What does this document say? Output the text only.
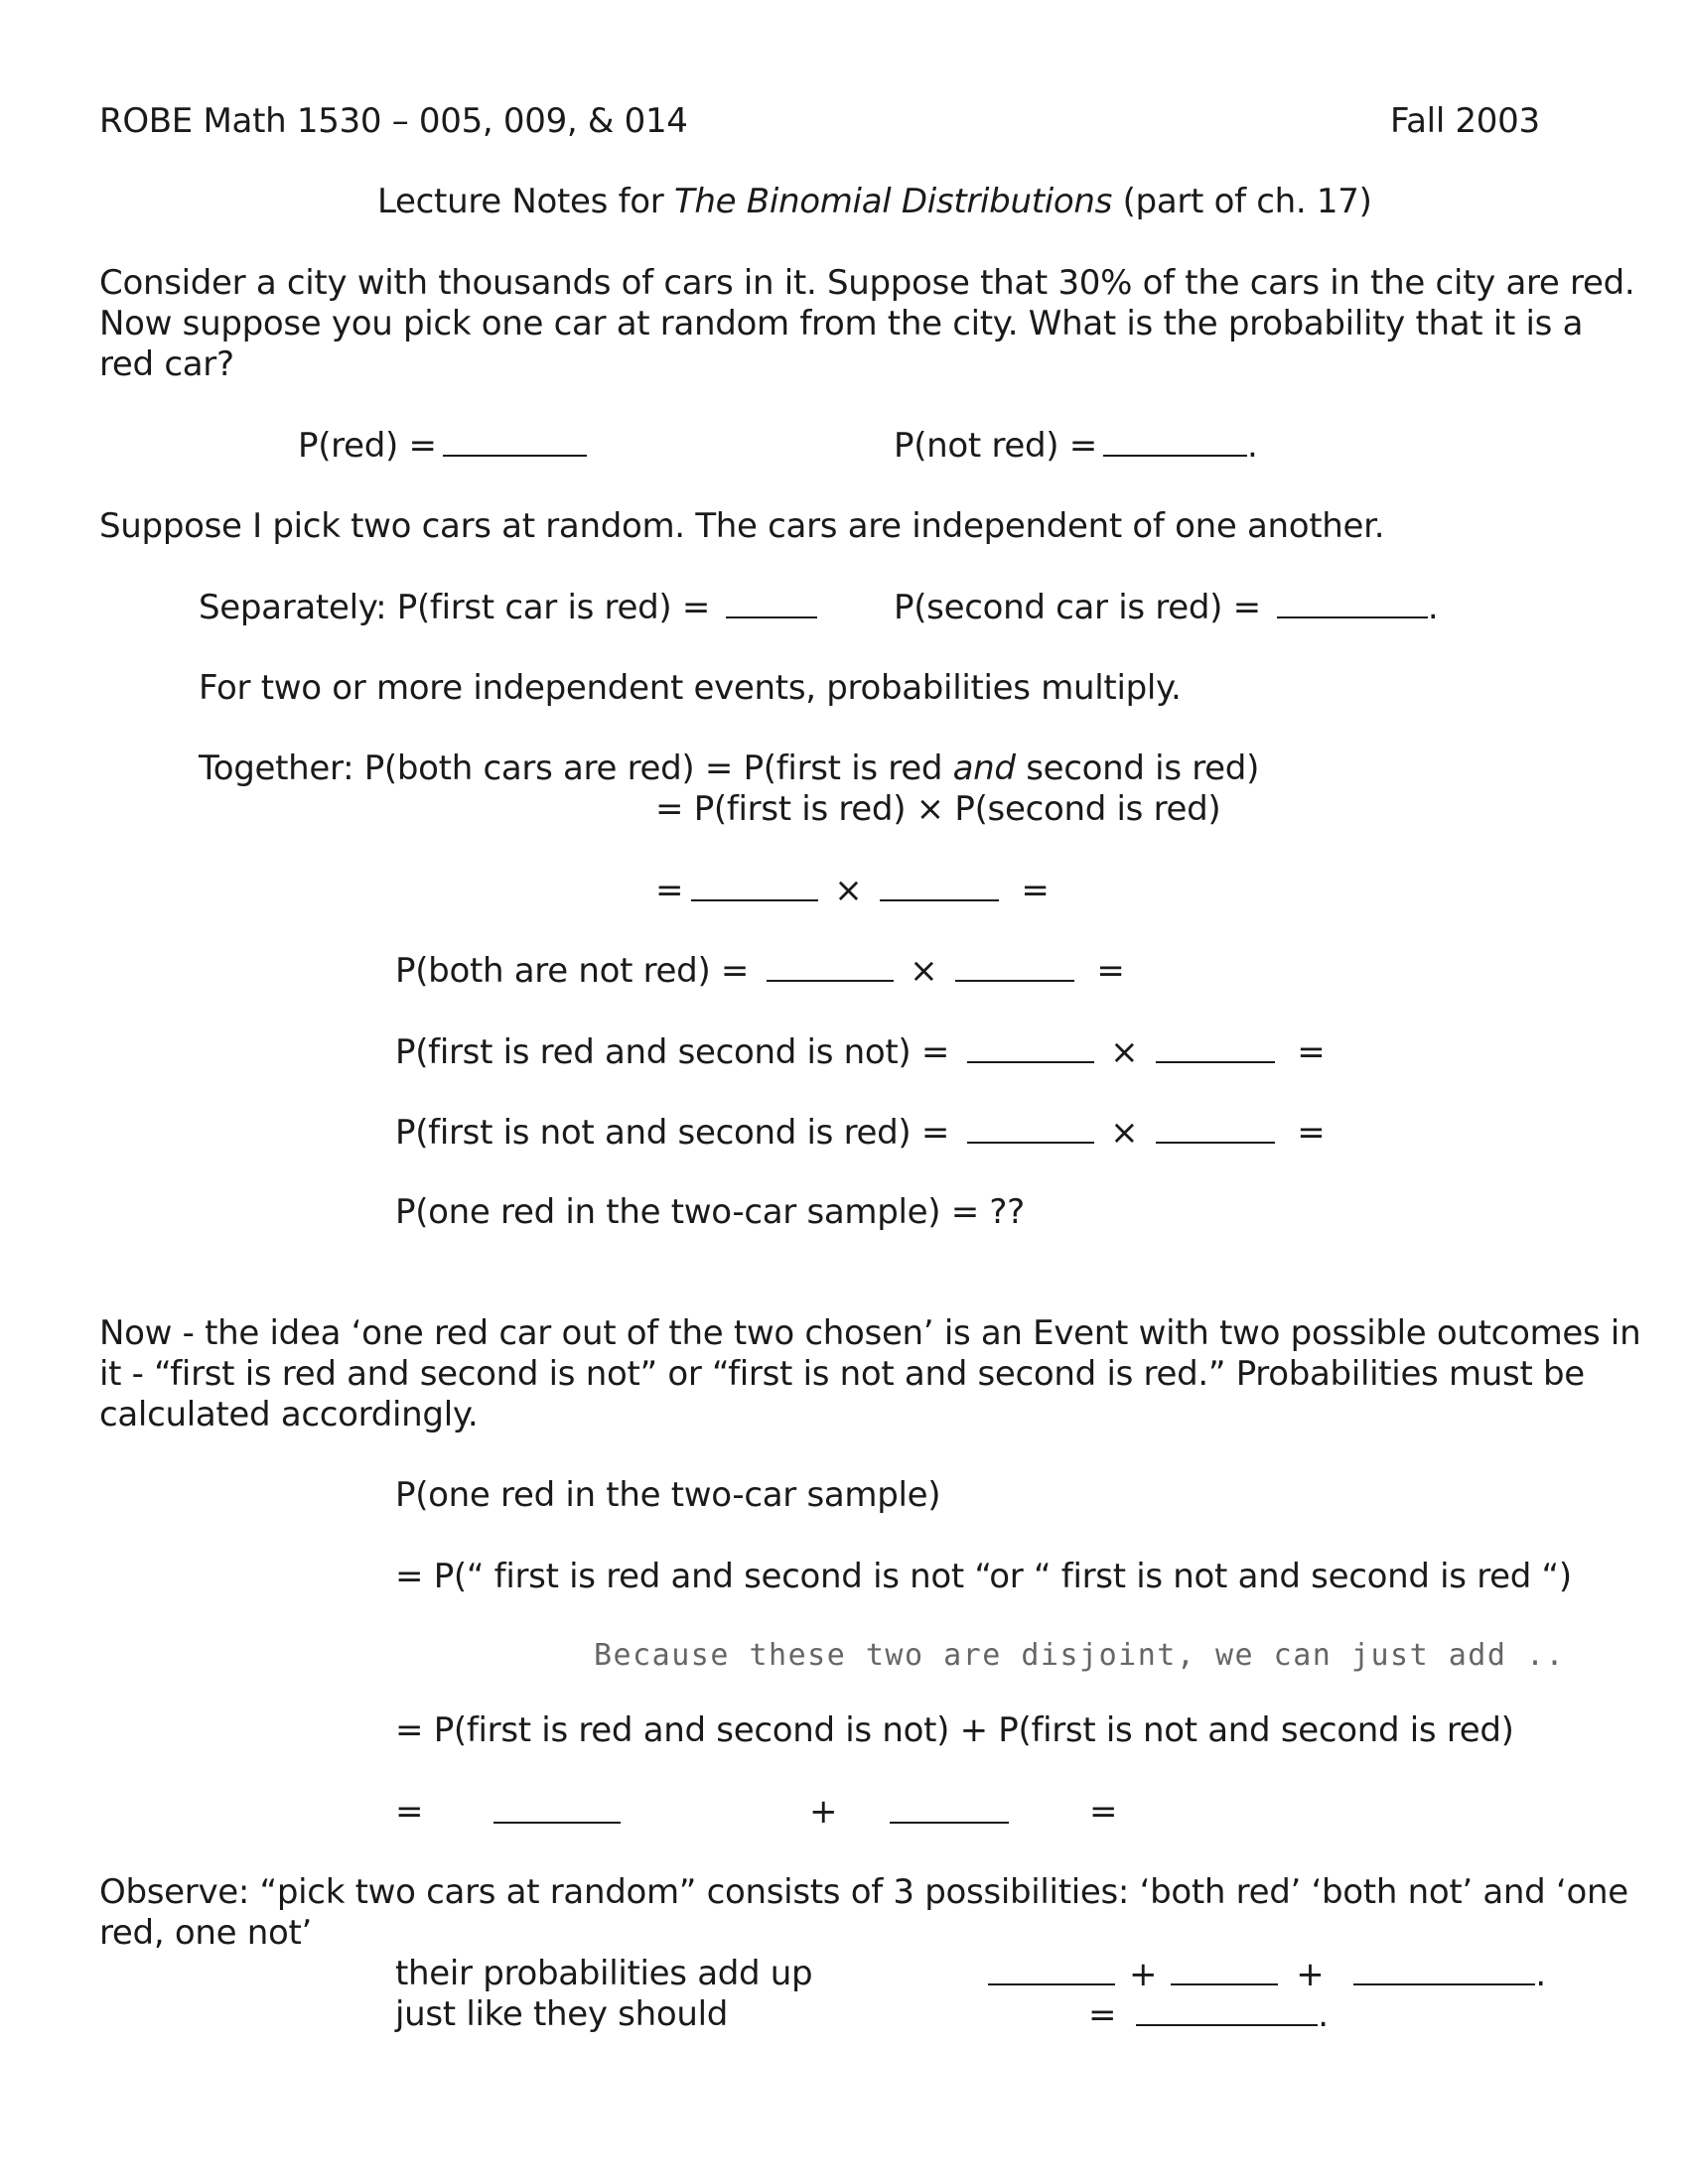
ROBE Math 1530 – 005, 009, & 014	Fall 2003
Lecture Notes for The Binomial Distributions (part of ch. 17)
Consider a city with thousands of cars in it. Suppose that 30% of the cars in the city are red.
Now suppose you pick one car at random from the city. What is the probability that it is a
red car?
P(red) =	P(not red) =	.
Suppose I pick two cars at random. The cars are independent of one another.
Separately: P(first car is red) =	P(second car is red) =	.
For two or more independent events, probabilities multiply.
Together: P(both cars are red) = P(first is red and second is red)
= P(first is red) × P(second is red)
=	×	=
P(both are not red) =	×	=
P(first is red and second is not) =	×	=
P(first is not and second is red) =	×	=
P(one red in the two-car sample) = ??
Now - the idea ‘one red car out of the two chosen’ is an Event with two possible outcomes in
it - “first is red and second is not” or “first is not and second is red.” Probabilities must be
calculated accordingly.
P(one red in the two-car sample)
= P(“ first is red and second is not “or “ first is not and second is red “)
Because these two are disjoint, we can just add ..
= P(first is red and second is not) + P(first is not and second is red)
=	+	=
Observe: “pick two cars at random” consists of 3 possibilities: ‘both red’ ‘both not’ and ‘one
red, one not’
their probabilities add up	+	+	.
just like they should	=	.
